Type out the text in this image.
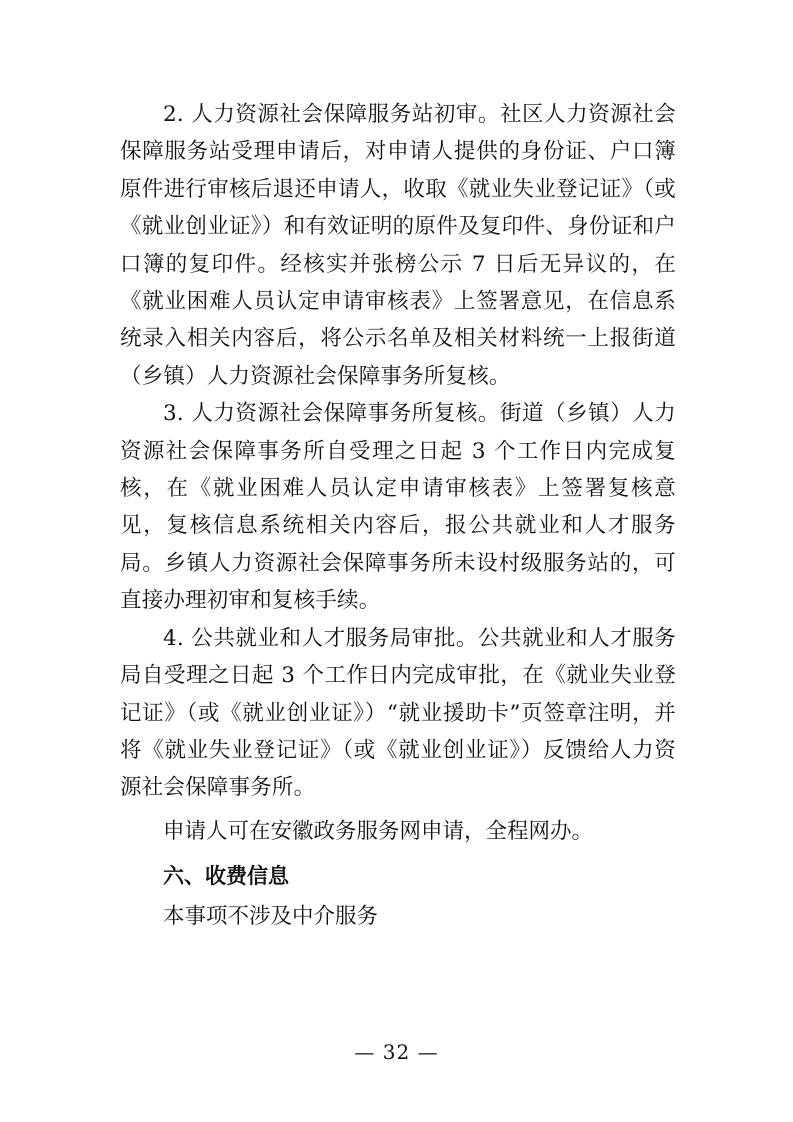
2. 人力资源社会保障服务站初审。社区人力资源社会保障服务站受理申请后，对申请人提供的身份证、户口簿原件进行审核后退还申请人，收取《就业失业登记证》（或《就业创业证》）和有效证明的原件及复印件、身份证和户口簿的复印件。经核实并张榜公示 7 日后无异议的，在《就业困难人员认定申请审核表》上签署意见，在信息系统录入相关内容后，将公示名单及相关材料统一上报街道（乡镇）人力资源社会保障事务所复核。

3. 人力资源社会保障事务所复核。街道（乡镇）人力资源社会保障事务所自受理之日起 3 个工作日内完成复核，在《就业困难人员认定申请审核表》上签署复核意见，复核信息系统相关内容后，报公共就业和人才服务局。乡镇人力资源社会保障事务所未设村级服务站的，可直接办理初审和复核手续。

4. 公共就业和人才服务局审批。公共就业和人才服务局自受理之日起 3 个工作日内完成审批，在《就业失业登记证》（或《就业创业证》）“就业援助卡”页签章注明，并将《就业失业登记证》（或《就业创业证》）反馈给人力资源社会保障事务所。

申请人可在安徽政务服务网申请，全程网办。

六、收费信息

本事项不涉及中介服务

— 32 —
